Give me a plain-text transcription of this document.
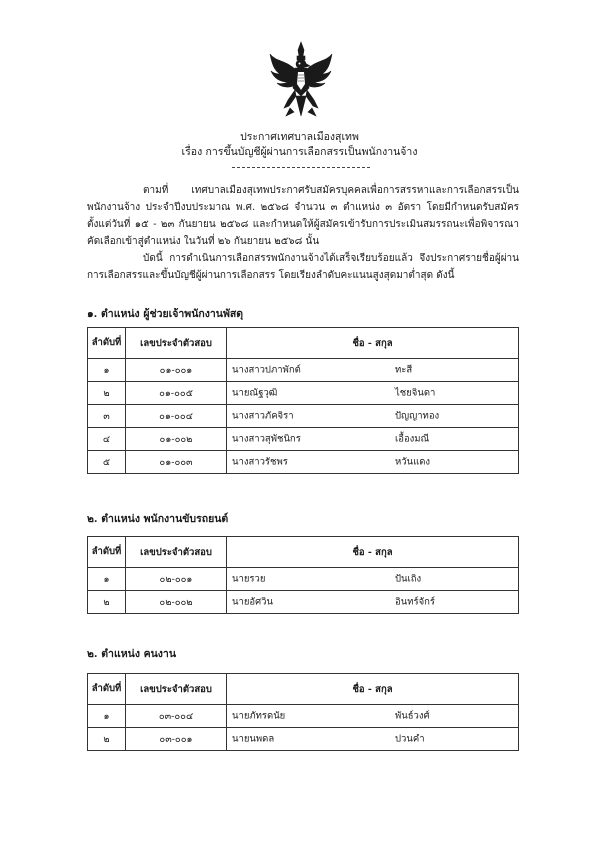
ประกาศเทศบาลเมืองสุเทพ
เรื่อง การขึ้นบัญชีผู้ผ่านการเลือกสรรเป็นพนักงานจ้าง
ตามที่ เทศบาลเมืองสุเทพประกาศรับสมัครบุคคลเพื่อการสรรหาและการเลือกสรรเป็นพนักงานจ้าง ประจำปีงบประมาณ พ.ศ. ๒๕๖๘ จำนวน ๓ ตำแหน่ง ๓ อัตรา โดยมีกำหนดรับสมัครตั้งแต่วันที่ ๑๕ - ๒๓ กันยายน ๒๕๖๘ และกำหนดให้ผู้สมัครเข้ารับการประเมินสมรรถนะเพื่อพิจารณาคัดเลือกเข้าสู่ตำแหน่ง ในวันที่ ๒๖ กันยายน ๒๕๖๘ นั้น
บัดนี้ การดำเนินการเลือกสรรพนักงานจ้างได้เสร็จเรียบร้อยแล้ว จึงประกาศรายชื่อผู้ผ่านการเลือกสรรและขึ้นบัญชีผู้ผ่านการเลือกสรร โดยเรียงลำดับคะแนนสูงสุดมาต่ำสุด ดังนี้
๑. ตำแหน่ง ผู้ช่วยเจ้าพนักงานพัสดุ
ลำดับที่	เลขประจำตัวสอบ	ชื่อ - สกุล
๑	๐๑-๐๐๑	นางสาวปภาพักต์ ทะสี

๒	๐๑-๐๐๕	นายณัฐวุฒิ ไชยจินดา

๓	๐๑-๐๐๔	นางสาวภัคจิรา ปัญญาทอง

๔	๐๑-๐๐๒	นางสาวสุพัชนิกร เอื้องมณี

๕	๐๑-๐๐๓	นางสาวรัชพร หวันแดง
๒. ตำแหน่ง พนักงานขับรถยนต์
ลำดับที่	เลขประจำตัวสอบ	ชื่อ - สกุล
๑	๐๒-๐๐๑	นายรวย ปันเถิง

๒	๐๒-๐๐๒	นายอัศวิน อินทร์จักร์
๒. ตำแหน่ง คนงาน
ลำดับที่	เลขประจำตัวสอบ	ชื่อ - สกุล
๑	๐๓-๐๐๔	นายภัทรดนัย พันธ์วงศ์

๒	๐๓-๐๐๑	นายนพดล ปวนคำ
